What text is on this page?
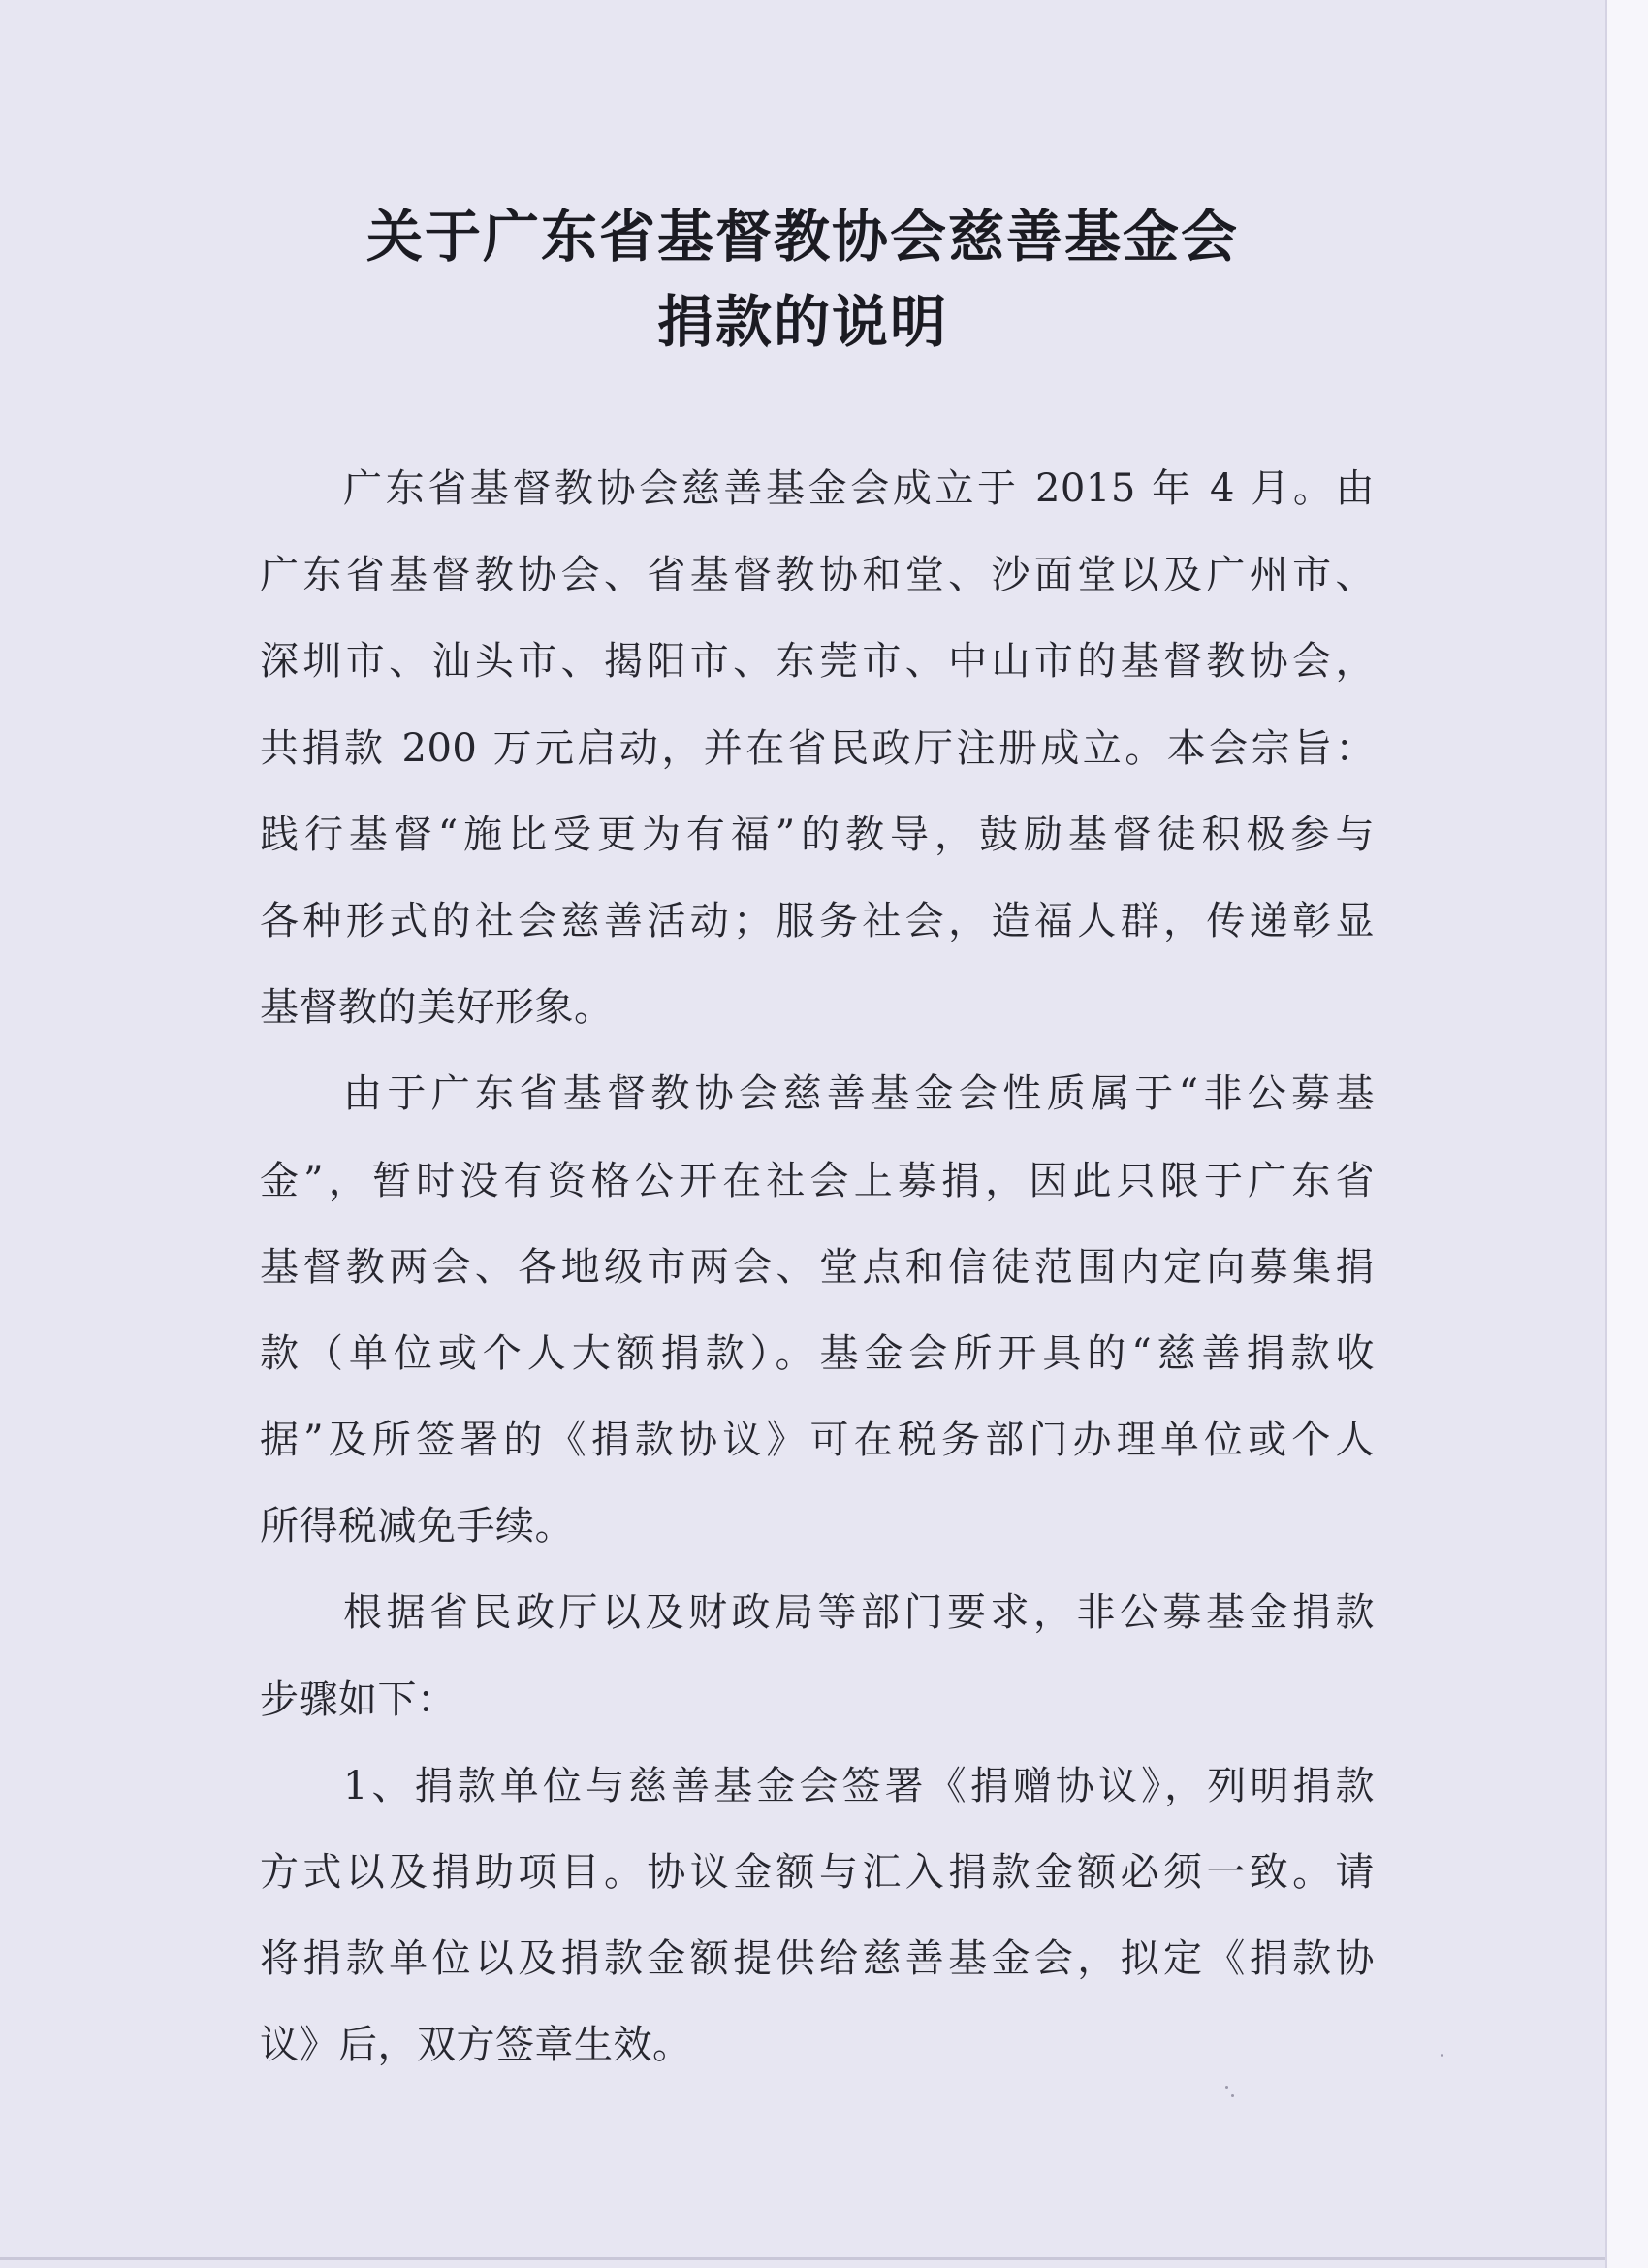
关于广东省基督教协会慈善基金会
捐款的说明
广东省基督教协会慈善基金会成立于 2015 年 4 月。由
广东省基督教协会、省基督教协和堂、沙面堂以及广州市、
深圳市、汕头市、揭阳市、东莞市、中山市的基督教协会，
共捐款 200 万元启动，并在省民政厅注册成立。本会宗旨：
践行基督“施比受更为有福”的教导，鼓励基督徒积极参与
各种形式的社会慈善活动；服务社会，造福人群，传递彰显
基督教的美好形象。
由于广东省基督教协会慈善基金会性质属于“非公募基
金”，暂时没有资格公开在社会上募捐，因此只限于广东省
基督教两会、各地级市两会、堂点和信徒范围内定向募集捐
款（单位或个人大额捐款）。基金会所开具的“慈善捐款收
据”及所签署的《捐款协议》可在税务部门办理单位或个人
所得税减免手续。
根据省民政厅以及财政局等部门要求，非公募基金捐款
步骤如下：
1、捐款单位与慈善基金会签署《捐赠协议》，列明捐款
方式以及捐助项目。协议金额与汇入捐款金额必须一致。请
将捐款单位以及捐款金额提供给慈善基金会，拟定《捐款协
议》后，双方签章生效。
